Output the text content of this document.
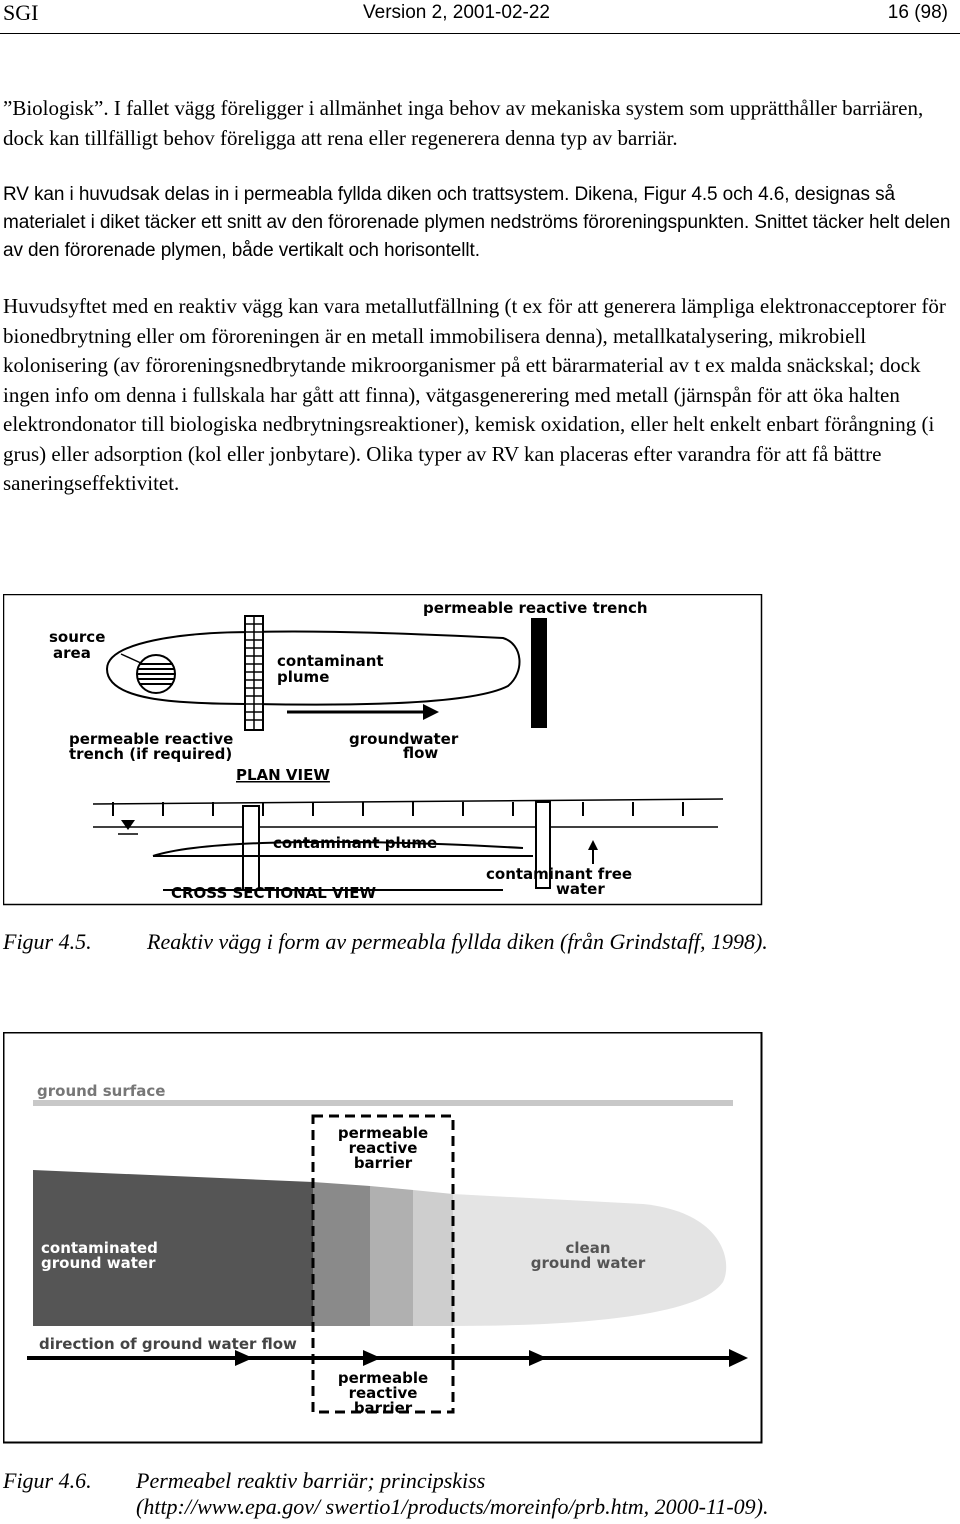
SGI	Version 2, 2001-02-22	16 (98)

”Biologisk”. I fallet vägg föreligger i allmänhet inga behov av mekaniska system som upprätthåller barriären, dock kan tillfälligt behov föreligga att rena eller regenerera denna typ av barriär.

RV kan i huvudsak delas in i permeabla fyllda diken och trattsystem. Dikena, Figur 4.5 och 4.6, designas så materialet i diket täcker ett snitt av den förorenade plymen nedströms föroreningspunkten. Snittet täcker helt delen av den förorenade plymen, både vertikalt och horisontellt.

Huvudsyftet med en reaktiv vägg kan vara metallutfällning (t ex för att generera lämpliga elektronacceptorer för bionedbrytning eller om föroreningen är en metall immobilisera denna), metallkatalysering, mikrobiell kolonisering (av föroreningsnedbrytande mikroorganismer på ett bärarmaterial av t ex malda snäckskal; dock ingen info om denna i fullskala har gått att finna), vätgasgenerering med metall (järnspån för att öka halten elektrondonator till biologiska nedbrytningsreaktioner), kemisk oxidation, eller helt enkelt enbart förångning (i grus) eller adsorption (kol eller jonbytare). Olika typer av RV kan placeras efter varandra för att få bättre saneringseffektivitet.

permeable reactive trench
source
area	contaminant
plume
permeable reactive
trench (if required)
groundwater
flow
PLAN VIEW
contaminant plume
contaminant free
water
CROSS SECTIONAL VIEW
Figur 4.5.	Reaktiv vägg i form av permeabla fyllda diken (från Grindstaff, 1998).
ground surface
permeable
reactive
barrier
contaminated
ground water
clean
ground water
direction of ground water flow
permeable
reactive
barrier
Figur 4.6. Permeabel reaktiv barriär; principskiss
(http://www.epa.gov/ swertio1/products/moreinfo/prb.htm, 2000-11-09).
